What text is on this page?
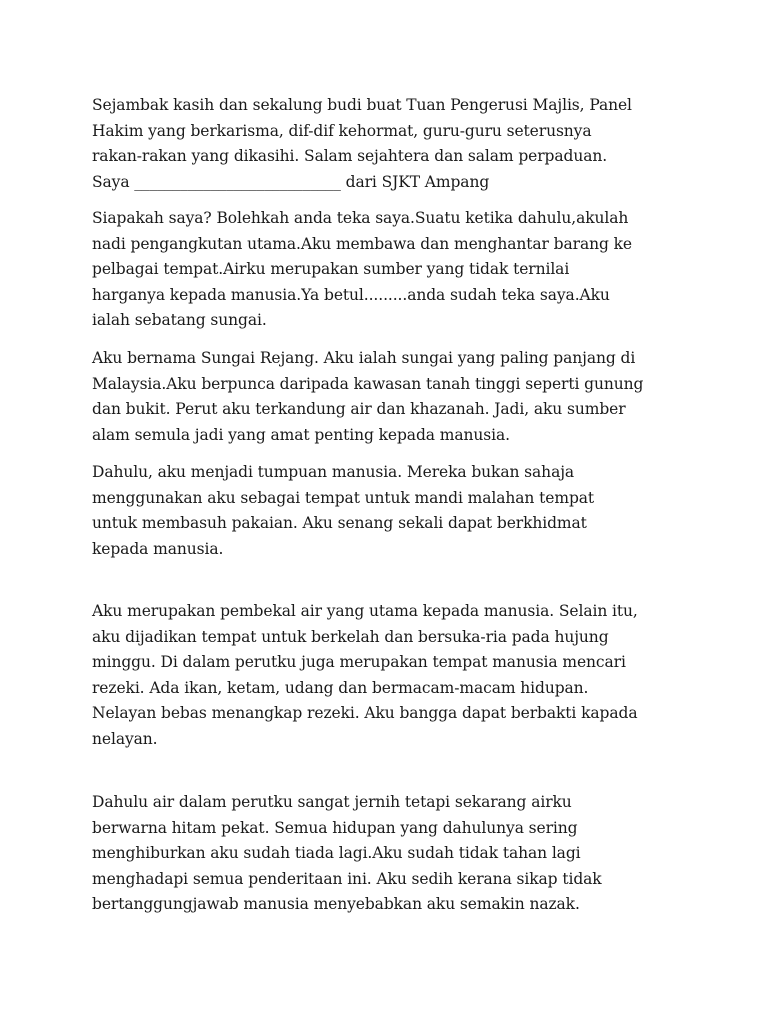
Sejambak kasih dan sekalung budi buat Tuan Pengerusi Majlis, Panel
Hakim yang berkarisma, dif-dif kehormat, guru-guru seterusnya
rakan-rakan yang dikasihi. Salam sejahtera dan salam perpaduan.
Saya ___________________________ dari SJKT Ampang
Siapakah saya? Bolehkah anda teka saya.Suatu ketika dahulu,akulah
nadi pengangkutan utama.Aku membawa dan menghantar barang ke
pelbagai tempat.Airku merupakan sumber yang tidak ternilai
harganya kepada manusia.Ya betul.........anda sudah teka saya.Aku
ialah sebatang sungai.
Aku bernama Sungai Rejang. Aku ialah sungai yang paling panjang di
Malaysia.Aku berpunca daripada kawasan tanah tinggi seperti gunung
dan bukit. Perut aku terkandung air dan khazanah. Jadi, aku sumber
alam semula jadi yang amat penting kepada manusia.
Dahulu, aku menjadi tumpuan manusia. Mereka bukan sahaja
menggunakan aku sebagai tempat untuk mandi malahan tempat
untuk membasuh pakaian. Aku senang sekali dapat berkhidmat
kepada manusia.
Aku merupakan pembekal air yang utama kepada manusia. Selain itu,
aku dijadikan tempat untuk berkelah dan bersuka-ria pada hujung
minggu. Di dalam perutku juga merupakan tempat manusia mencari
rezeki. Ada ikan, ketam, udang dan bermacam-macam hidupan.
Nelayan bebas menangkap rezeki. Aku bangga dapat berbakti kapada
nelayan.
Dahulu air dalam perutku sangat jernih tetapi sekarang airku
berwarna hitam pekat. Semua hidupan yang dahulunya sering
menghiburkan aku sudah tiada lagi.Aku sudah tidak tahan lagi
menghadapi semua penderitaan ini. Aku sedih kerana sikap tidak
bertanggungjawab manusia menyebabkan aku semakin nazak.
